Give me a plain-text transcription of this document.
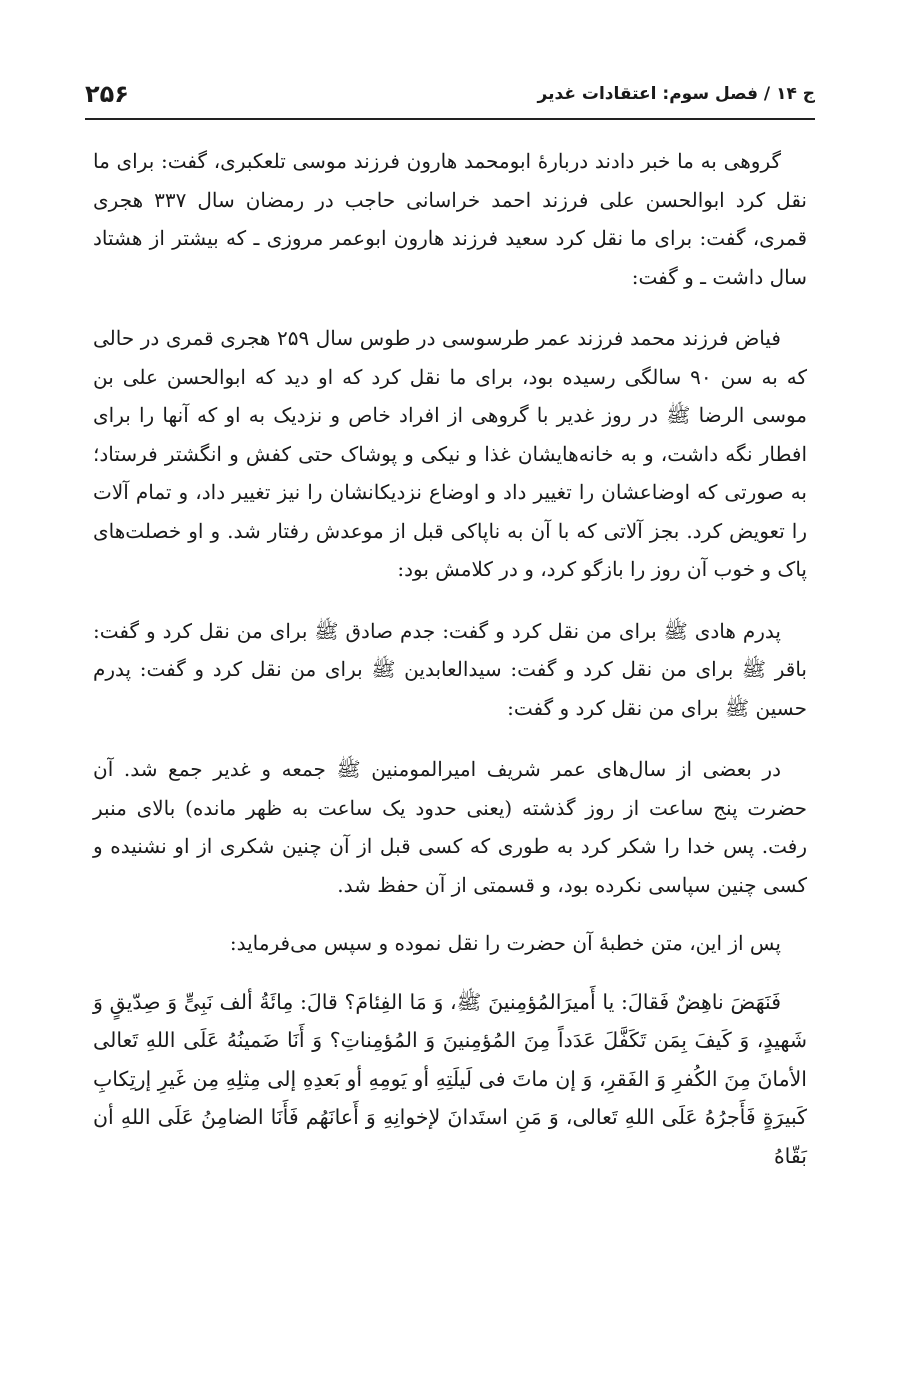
۲۵۶	ج ۱۴ / فصل سوم: اعتقادات غدیر

گروهی به ما خبر دادند دربارهٔ ابومحمد هارون فرزند موسی تلعکبری، گفت: برای ما نقل کرد ابوالحسن علی فرزند احمد خراسانی حاجب در رمضان سال ۳۳۷ هجری قمری، گفت: برای ما نقل کرد سعید فرزند هارون ابوعمر مروزی ـ که بیشتر از هشتاد سال داشت ـ و گفت:

فیاض فرزند محمد فرزند عمر طرسوسی در طوس سال ۲۵۹ هجری قمری در حالی که به سن ۹۰ سالگی رسیده بود، برای ما نقل کرد که او دید که ابوالحسن علی بن موسی الرضا ﷺ در روز غدیر با گروهی از افراد خاص و نزدیک به او که آنها را برای افطار نگه داشت، و به خانه‌هایشان غذا و نیکی و پوشاک حتی کفش و انگشتر فرستاد؛ به صورتی که اوضاعشان را تغییر داد و اوضاع نزدیکانشان را نیز تغییر داد، و تمام آلات را تعویض کرد. بجز آلاتی که با آن به ناپاکی قبل از موعدش رفتار شد. و او خصلت‌های پاک و خوب آن روز را بازگو کرد، و در کلامش بود:

پدرم هادی ﷺ برای من نقل کرد و گفت: جدم صادق ﷺ برای من نقل کرد و گفت: باقر ﷺ برای من نقل کرد و گفت: سیدالعابدین ﷺ برای من نقل کرد و گفت: پدرم حسین ﷺ برای من نقل کرد و گفت:

در بعضی از سال‌های عمر شریف امیرالمومنین ﷺ جمعه و غدیر جمع شد. آن حضرت پنج ساعت از روز گذشته (یعنی حدود یک ساعت به ظهر مانده) بالای منبر رفت. پس خدا را شکر کرد به طوری که کسی قبل از آن چنین شکری از او نشنیده و کسی چنین سپاسی نکرده بود، و قسمتی از آن حفظ شد.

پس از این، متن خطبهٔ آن حضرت را نقل نموده و سپس می‌فرماید:

فَنَهَضَ ناهِضٌ فَقالَ: یا أَمیرَالمُؤمِنینَ ﷺ، وَ مَا الفِئامَ؟ قالَ: مِائَةُ ألف نَبِیٍّ وَ صِدّیقٍ وَ شَهیدٍ، وَ کَیفَ بِمَن تَکَفَّلَ عَدَداً مِنَ المُؤمِنینَ وَ المُؤمِناتِ؟ وَ أَنَا ضَمینُهُ عَلَى اللهِ تَعالى الأمانَ مِنَ الکُفرِ وَ الفَقرِ، وَ إن ماتَ فی لَیلَتِهِ أو یَومِهِ أو بَعدِهِ إلى مِثلِهِ مِن غَیرِ إرتِکابِ کَبیرَةٍ فَأَجرُهُ عَلَى اللهِ تَعالى، وَ مَنِ استَدانَ لإخوانِهِ وَ أَعانَهُم فَأَنَا الضامِنُ عَلَى اللهِ أن بَقّاهُ
